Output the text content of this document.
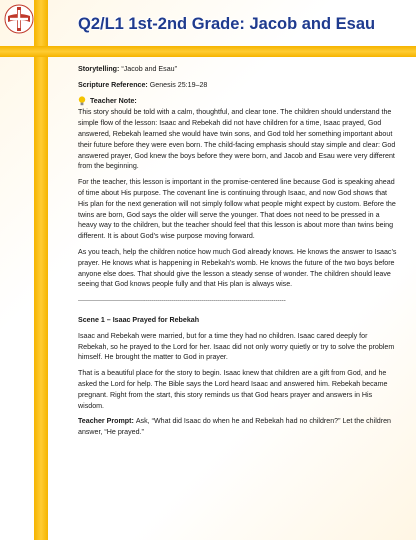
Q2/L1 1st-2nd Grade: Jacob and Esau

Storytelling: “Jacob and Esau”

Scripture Reference: Genesis 25:19–28

Teacher Note:

This story should be told with a calm, thoughtful, and clear tone. The children should understand the simple flow of the lesson: Isaac and Rebekah did not have children for a time, Isaac prayed, God answered, Rebekah learned she would have twin sons, and God told her something important about their future before they were even born. The child-facing emphasis should stay simple and clear: God answered prayer, God knew the boys before they were born, and Jacob and Esau were very different from the beginning.

For the teacher, this lesson is important in the promise-centered line because God is speaking ahead of time about His purpose. The covenant line is continuing through Isaac, and now God shows that His plan for the next generation will not simply follow what people might expect by custom. Before the twins are born, God says the older will serve the younger. That does not need to be pressed in a heavy way to the children, but the teacher should feel that this lesson is about more than twins being different. It is about God’s wise purpose moving forward.

As you teach, help the children notice how much God already knows. He knows the answer to Isaac’s prayer. He knows what is happening in Rebekah’s womb. He knows the future of the two boys before anyone else does. That should give the lesson a steady sense of wonder. The children should leave seeing that God knows people fully and that His plan is always wise.

--------------------------------------------------------------------------------------------------------

Scene 1 – Isaac Prayed for Rebekah

Isaac and Rebekah were married, but for a time they had no children. Isaac cared deeply for Rebekah, so he prayed to the Lord for her. Isaac did not only worry quietly or try to solve the problem himself. He brought the matter to God in prayer.

That is a beautiful place for the story to begin. Isaac knew that children are a gift from God, and he asked the Lord for help. The Bible says the Lord heard Isaac and answered him. Rebekah became pregnant. Right from the start, this story reminds us that God hears prayer and answers in His wisdom.

Teacher Prompt: Ask, “What did Isaac do when he and Rebekah had no children?” Let the children answer, “He prayed.”
